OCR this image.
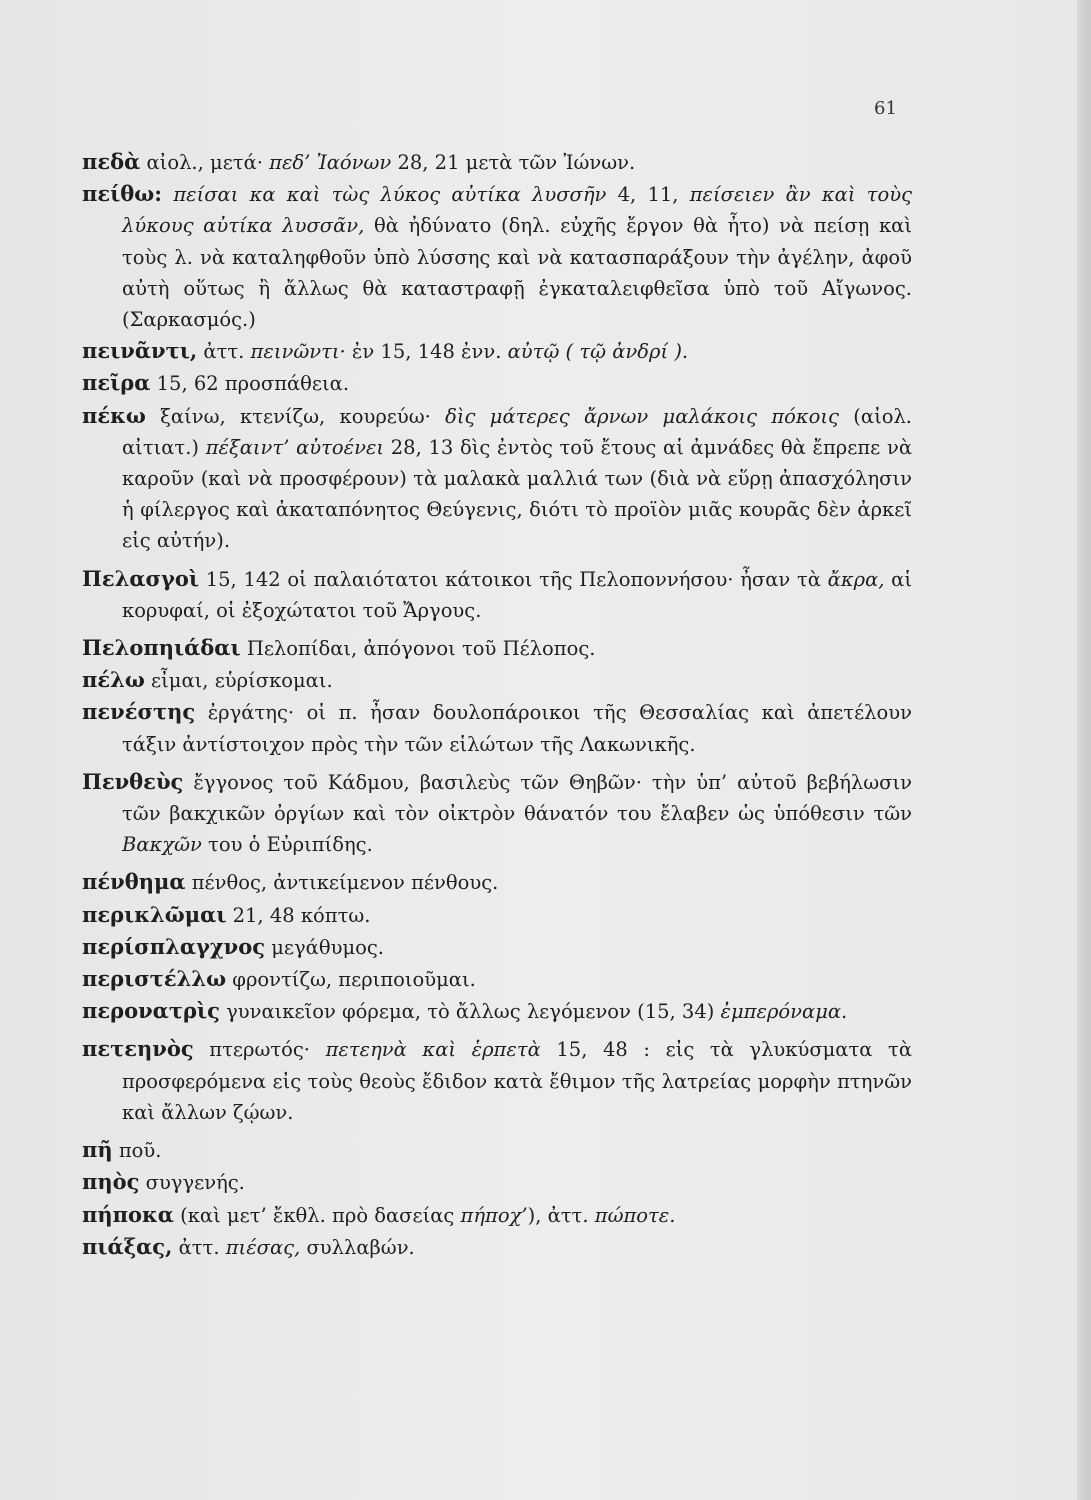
61

πεδὰ αἰολ., μετά· πεδ’ Ἰαόνων 28, 21 μετὰ τῶν Ἰώνων.

πείθω: πείσαι κα καὶ τὼς λύκος αὐτίκα λυσσῆν 4, 11, πείσειεν ἂν καὶ τοὺς λύκους αὐτίκα λυσσᾶν, θὰ ἠδύνατο (δηλ. εὐχῆς ἔργον θὰ ἦτο) νὰ πείσῃ καὶ τοὺς λ. νὰ καταληφθοῦν ὑπὸ λύσσης καὶ νὰ κατασπαράξουν τὴν ἀγέλην, ἀφοῦ αὐτὴ οὕτως ἢ ἄλλως θὰ καταστραφῇ ἐγκαταλειφθεῖσα ὑπὸ τοῦ Αἴγωνος. (Σαρκασμός.)

πεινᾶντι, ἀττ. πεινῶντι· ἐν 15, 148 ἐνν. αὐτῷ ( τῷ ἀνδρί ).

πεῖρα 15, 62 προσπάθεια.

πέκω ξαίνω, κτενίζω, κουρεύω· δὶς μάτερες ἄρνων μαλάκοις πόκοις (αἰολ. αἰτιατ.) πέξαιντ’ αὐτοένει 28, 13 δὶς ἐντὸς τοῦ ἔτους αἱ ἀμνάδες θὰ ἔπρεπε νὰ καροῦν (καὶ νὰ προσφέρουν) τὰ μαλακὰ μαλλιά των (διὰ νὰ εὕρῃ ἀπασχόλησιν ἡ φίλεργος καὶ ἀκαταπόνητος Θεύγενις, διότι τὸ προϊὸν μιᾶς κουρᾶς δὲν ἀρκεῖ εἰς αὐτήν).

Πελασγοὶ 15, 142 οἱ παλαιότατοι κάτοικοι τῆς Πελοποννήσου· ἦσαν τὰ ἄκρα, αἱ κορυφαί, οἱ ἐξοχώτατοι τοῦ Ἄργους.

Πελοπηιάδαι Πελοπίδαι, ἀπόγονοι τοῦ Πέλοπος.

πέλω εἶμαι, εὑρίσκομαι.

πενέστης ἐργάτης· οἱ π. ἦσαν δουλοπάροικοι τῆς Θεσσαλίας καὶ ἀπετέλουν τάξιν ἀντίστοιχον πρὸς τὴν τῶν εἱλώτων τῆς Λακωνικῆς.

Πενθεὺς ἔγγονος τοῦ Κάδμου, βασιλεὺς τῶν Θηβῶν· τὴν ὑπ’ αὐτοῦ βεβήλωσιν τῶν βακχικῶν ὀργίων καὶ τὸν οἰκτρὸν θάνατόν του ἔλαβεν ὡς ὑπόθεσιν τῶν Βακχῶν του ὁ Εὐριπίδης.

πένθημα πένθος, ἀντικείμενον πένθους.

περικλῶμαι 21, 48 κόπτω.

περίσπλαγχνος μεγάθυμος.

περιστέλλω φροντίζω, περιποιοῦμαι.

περονατρὶς γυναικεῖον φόρεμα, τὸ ἄλλως λεγόμενον (15, 34) ἐμπερόναμα.

πετεηνὸς πτερωτός· πετεηνὰ καὶ ἑρπετὰ 15, 48 : εἰς τὰ γλυκύσματα τὰ προσφερόμενα εἰς τοὺς θεοὺς ἔδιδον κατὰ ἔθιμον τῆς λατρείας μορφὴν πτηνῶν καὶ ἄλλων ζῴων.

πῆ ποῦ.

πηὸς συγγενής.

πήποκα (καὶ μετ’ ἔκθλ. πρὸ δασείας πήποχ’), ἀττ. πώποτε.

πιάξας, ἀττ. πιέσας, συλλαβών.
